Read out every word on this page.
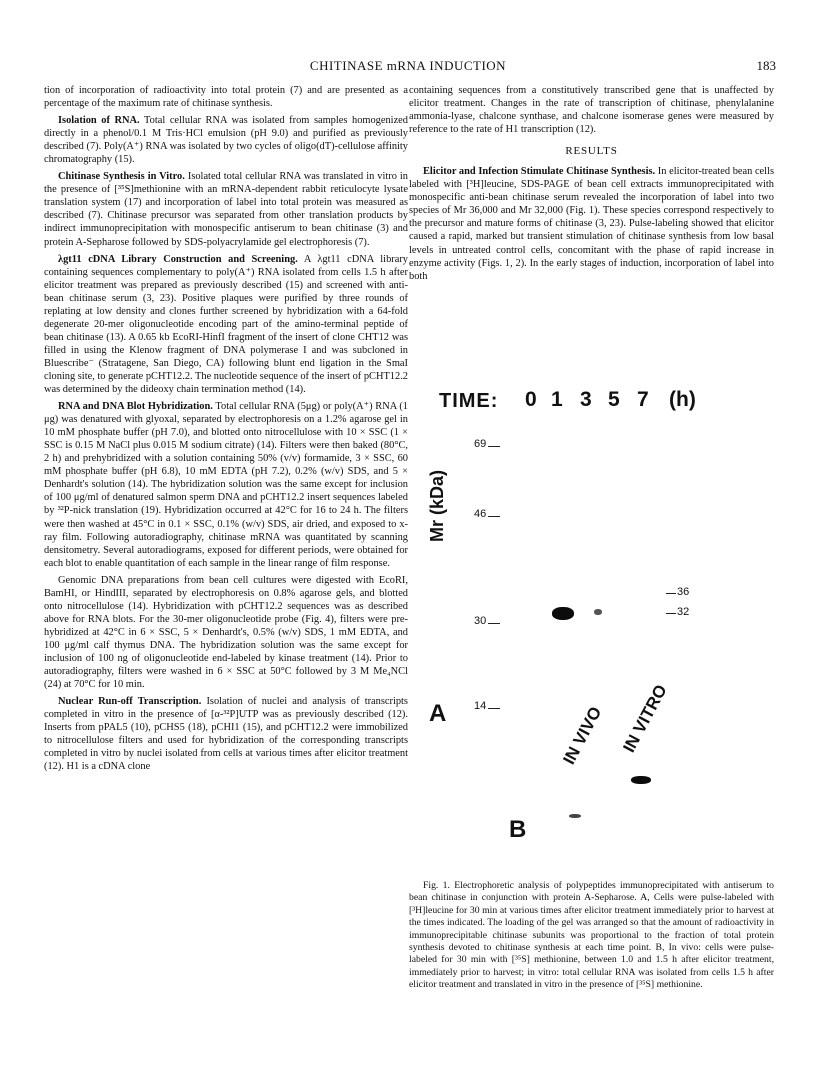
CHITINASE mRNA INDUCTION	183

tion of incorporation of radioactivity into total protein (7) and are presented as a percentage of the maximum rate of chitinase synthesis.

Isolation of RNA. Total cellular RNA was isolated from samples homogenized directly in a phenol/0.1 M Tris·HCl emulsion (pH 9.0) and purified as previously described (7). Poly(A⁺) RNA was isolated by two cycles of oligo(dT)-cellulose affinity chromatography (15).

Chitinase Synthesis in Vitro. Isolated total cellular RNA was translated in vitro in the presence of [³⁵S]methionine with an mRNA-dependent rabbit reticulocyte lysate translation system (17) and incorporation of label into total protein was measured as described (7). Chitinase precursor was separated from other translation products by indirect immunoprecipitation with monospecific antiserum to bean chitinase (3) and protein A-Sepharose followed by SDS-polyacrylamide gel electrophoresis (7).

λgt11 cDNA Library Construction and Screening. A λgt11 cDNA library containing sequences complementary to poly(A⁺) RNA isolated from cells 1.5 h after elicitor treatment was prepared as previously described (15) and screened with anti-bean chitinase serum (3, 23). Positive plaques were purified by three rounds of replating at low density and clones further screened by hybridization with a 64-fold degenerate 20-mer oligonucleotide encoding part of the amino-terminal peptide of bean chitinase (13). A 0.65 kb EcoRI-HinfI fragment of the insert of clone CHT12 was filled in using the Klenow fragment of DNA polymerase I and was subcloned in Bluescribe⁻ (Stratagene, San Diego, CA) following blunt end ligation in the SmaI cloning site, to generate pCHT12.2. The nucleotide sequence of the insert of pCHT12.2 was determined by the dideoxy chain termination method (14).

RNA and DNA Blot Hybridization. Total cellular RNA (5μg) or poly(A⁺) RNA (1 μg) was denatured with glyoxal, separated by electrophoresis on a 1.2% agarose gel in 10 mM phosphate buffer (pH 7.0), and blotted onto nitrocellulose with 10 × SSC (1 × SSC is 0.15 M NaCl plus 0.015 M sodium citrate) (14). Filters were then baked (80°C, 2 h) and prehybridized with a solution containing 50% (v/v) formamide, 3 × SSC, 60 mM phosphate buffer (pH 6.8), 10 mM EDTA (pH 7.2), 0.2% (w/v) SDS, and 5 × Denhardt's solution (14). The hybridization solution was the same except for inclusion of 100 μg/ml of denatured salmon sperm DNA and pCHT12.2 insert sequences labeled by ³²P-nick translation (19). Hybridization occurred at 42°C for 16 to 24 h. The filters were then washed at 45°C in 0.1 × SSC, 0.1% (w/v) SDS, air dried, and exposed to x-ray film. Following autoradiography, chitinase mRNA was quantitated by scanning densitometry. Several autoradiograms, exposed for different periods, were obtained for each blot to enable quantitation of each sample in the linear range of film response.

Genomic DNA preparations from bean cell cultures were digested with EcoRI, BamHI, or HindIII, separated by electrophoresis on 0.8% agarose gels, and blotted onto nitrocellulose (14). Hybridization with pCHT12.2 sequences was as described above for RNA blots. For the 30-mer oligonucleotide probe (Fig. 4), filters were pre-hybridized at 42°C in 6 × SSC, 5 × Denhardt's, 0.5% (w/v) SDS, 1 mM EDTA, and 100 μg/ml calf thymus DNA. The hybridization solution was the same except for inclusion of 100 ng of oligonucleotide end-labeled by kinase treatment (14). Prior to autoradiography, filters were washed in 6 × SSC at 50°C followed by 3 M Me₄NCl (24) at 70°C for 10 min.

Nuclear Run-off Transcription. Isolation of nuclei and analysis of transcripts completed in vitro in the presence of [α-³²P]UTP was as previously described (12). Inserts from pPAL5 (10), pCHS5 (18), pCHI1 (15), and pCHT12.2 were immobilized to nitrocellulose filters and used for hybridization of the corresponding transcripts completed in vitro by nuclei isolated from cells at various times after elicitor treatment (12). H1 is a cDNA clone

containing sequences from a constitutively transcribed gene that is unaffected by elicitor treatment. Changes in the rate of transcription of chitinase, phenylalanine ammonia-lyase, chalcone synthase, and chalcone isomerase genes were measured by reference to the rate of H1 transcription (12).

RESULTS

Elicitor and Infection Stimulate Chitinase Synthesis. In elicitor-treated bean cells labeled with [³H]leucine, SDS-PAGE of bean cell extracts immunoprecipitated with monospecific anti-bean chitinase serum revealed the incorporation of label into two species of Mr 36,000 and Mr 32,000 (Fig. 1). These species correspond respectively to the precursor and mature forms of chitinase (3, 23). Pulse-labeling showed that elicitor caused a rapid, marked but transient stimulation of chitinase synthesis from low basal levels in untreated control cells, concomitant with the phase of rapid increase in enzyme activity (Figs. 1, 2). In the early stages of induction, incorporation of label into both

TIME: 0 1 3 5 7 (h)
69
46
30
14
Mr (kDa)
36
32
A	IN VIVO IN VITRO
B

Fig. 1. Electrophoretic analysis of polypeptides immunoprecipitated with antiserum to bean chitinase in conjunction with protein A-Sepharose. A, Cells were pulse-labeled with [³H]leucine for 30 min at various times after elicitor treatment immediately prior to harvest at the times indicated. The loading of the gel was arranged so that the amount of radioactivity in immunoprecipitable chitinase subunits was proportional to the fraction of total protein synthesis devoted to chitinase synthesis at each time point. B, In vivo: cells were pulse-labeled for 30 min with [³⁵S] methionine, between 1.0 and 1.5 h after elicitor treatment, immediately prior to harvest; in vitro: total cellular RNA was isolated from cells 1.5 h after elicitor treatment and translated in vitro in the presence of [³⁵S] methionine.
